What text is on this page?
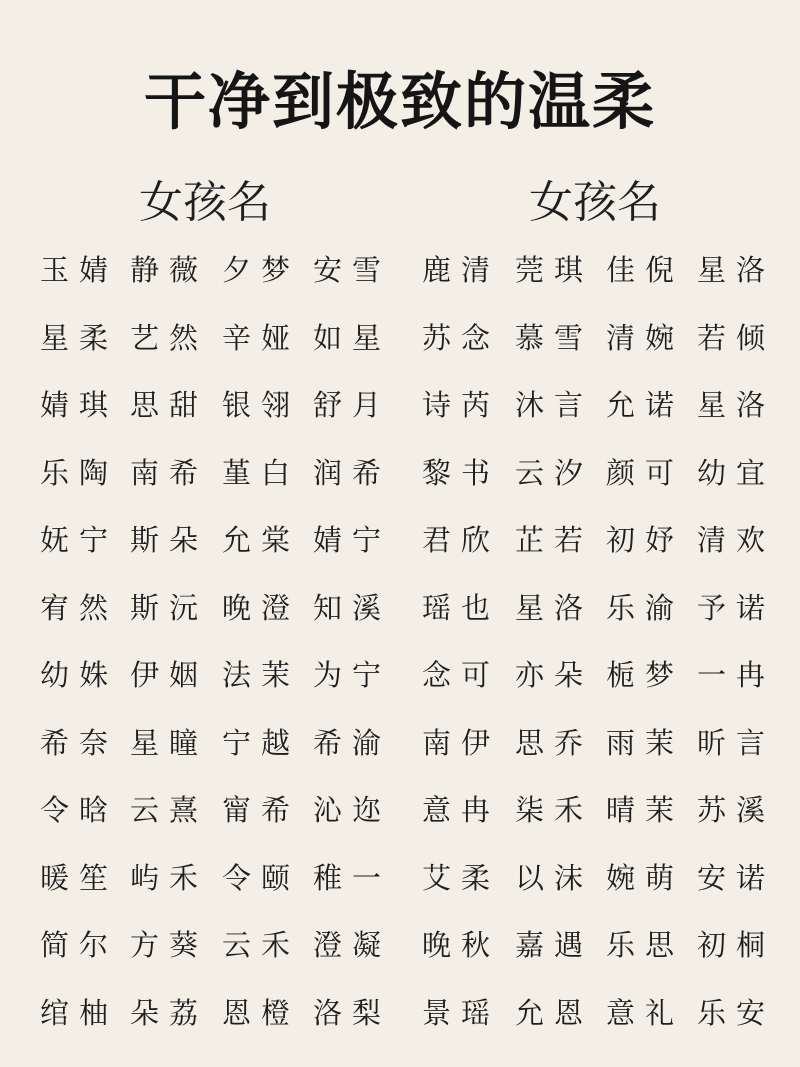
干净到极致的温柔
女孩名	女孩名
玉婧 静薇 夕梦 安雪 鹿清 莞琪 佳倪 星洛
星柔 艺然 辛娅 如星 苏念 慕雪 清婉 若倾
婧琪 思甜 银翎 舒月 诗芮 沐言 允诺 星洛
乐陶 南希 堇白 润希 黎书 云汐 颜可 幼宜
妩宁 斯朵 允棠 婧宁 君欣 芷若 初妤 清欢
宥然 斯沅 晚澄 知溪 瑶也 星洛 乐渝 予诺
幼姝 伊姻 法茉 为宁 念可 亦朵 栀梦 一冉
希奈 星瞳 宁越 希渝 南伊 思乔 雨茉 昕言
令晗 云熹 甯希 沁迩 意冉 柒禾 晴茉 苏溪
暖笙 屿禾 令颐 稚一 艾柔 以沫 婉萌 安诺
简尔 方葵 云禾 澄凝 晚秋 嘉遇 乐思 初桐
绾柚 朵荔 恩橙 洛梨 景瑶 允恩 意礼 乐安
